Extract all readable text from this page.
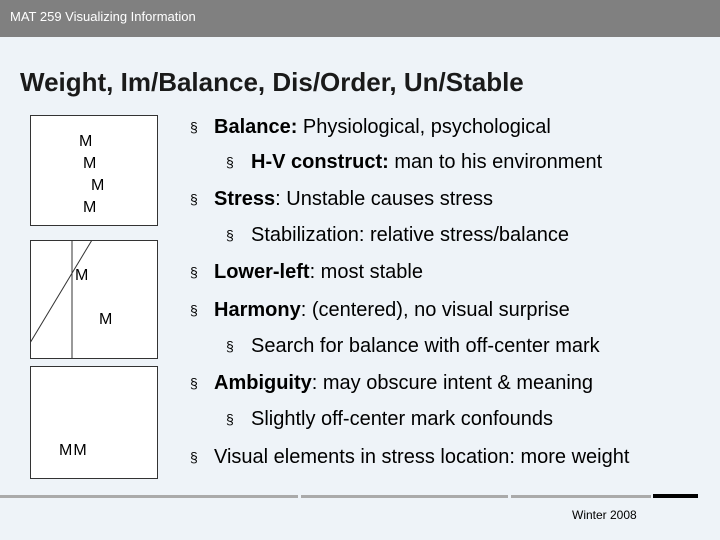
MAT 259 Visualizing Information
Weight, Im/Balance, Dis/Order, Un/Stable
M
M
M
M
M
M
MM
§ Balance: Physiological, psychological
§ H-V construct: man to his environment
§ Stress: Unstable causes stress
§ Stabilization: relative stress/balance
§ Lower-left: most stable
§ Harmony: (centered), no visual surprise
§ Search for balance with off-center mark
§ Ambiguity: may obscure intent & meaning
§ Slightly off-center mark confounds
§ Visual elements in stress location: more weight
Winter 2008
